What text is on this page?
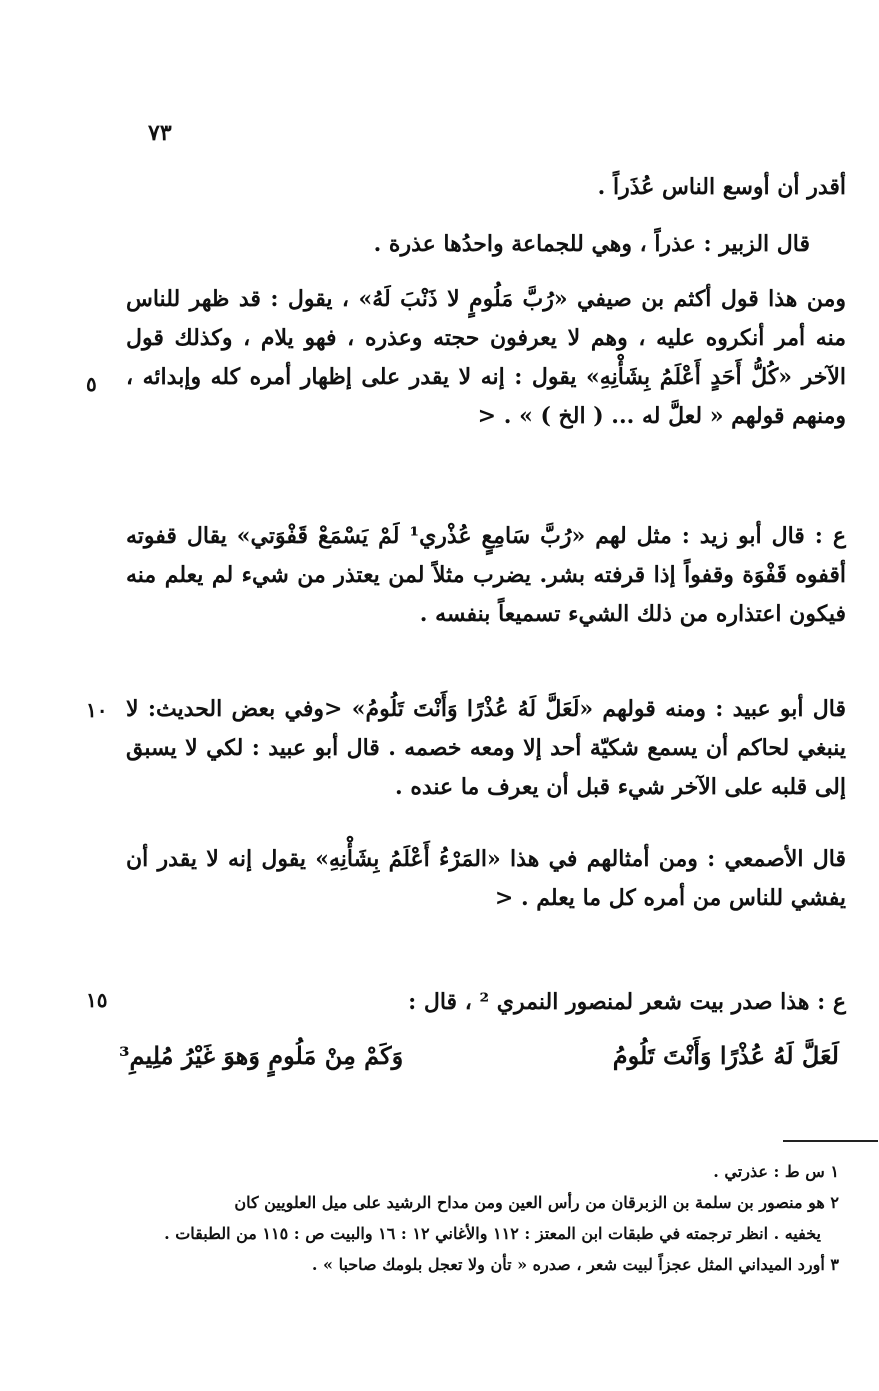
٧٣
٥
١٠
١٥

أقدر أن أوسع الناس عُذَراً .

قال الزبير : عذراً ، وهي للجماعة واحدُها عذرة .

ومن هذا قول أكثم بن صيفي «رُبَّ مَلُومٍ لا ذَنْبَ لَهُ» ، يقول : قد ظهر للناس منه أمر أنكروه عليه ، وهم لا يعرفون حجته وعذره ، فهو يلام ، وكذلك قول الآخر «كُلُّ أَحَدٍ أَعْلَمُ بِشَأْنِهِ» يقول : إنه لا يقدر على إظهار أمره كله وإبدائه ، ومنهم قولهم « لعلَّ له ... ( الخ ) » . <

ع : قال أبو زيد : مثل لهم «رُبَّ سَامِعٍ عُذْري¹ لَمْ يَسْمَعْ قَفْوَتي» يقال قفوته أقفوه قَفْوَة وقفواً إذا قرفته بشر. يضرب مثلاً لمن يعتذر من شيء لم يعلم منه فيكون اعتذاره من ذلك الشيء تسميعاً بنفسه .

قال أبو عبيد : ومنه قولهم «لَعَلَّ لَهُ عُذْرًا وَأَنْتَ تَلُومُ» <وفي بعض الحديث: لا ينبغي لحاكم أن يسمع شكيّة أحد إلا ومعه خصمه . قال أبو عبيد : لكي لا يسبق إلى قلبه على الآخر شيء قبل أن يعرف ما عنده .

قال الأصمعي : ومن أمثالهم في هذا «المَرْءُ أَعْلَمُ بِشَأْنِهِ» يقول إنه لا يقدر أن يفشي للناس من أمره كل ما يعلم . <

ع : هذا صدر بيت شعر لمنصور النمري ² ، قال :

لَعَلَّ لَهُ عُذْرًا وَأَنْتَ تَلُومُ
وَكَمْ مِنْ مَلُومٍ وَهوَ غَيْرُ مُلِيمِ³

١ س ط : عذرتي .

٢ هو منصور بن سلمة بن الزبرقان من رأس العين ومن مداح الرشيد على ميل العلويين كان

يخفيه . انظر ترجمته في طبقات ابن المعتز : ١١٢ والأغاني ١٢ : ١٦ والبيت ص : ١١٥ من الطبقات .

٣ أورد الميداني المثل عجزاً لبيت شعر ، صدره « تأن ولا تعجل بلومك صاحبا » .
